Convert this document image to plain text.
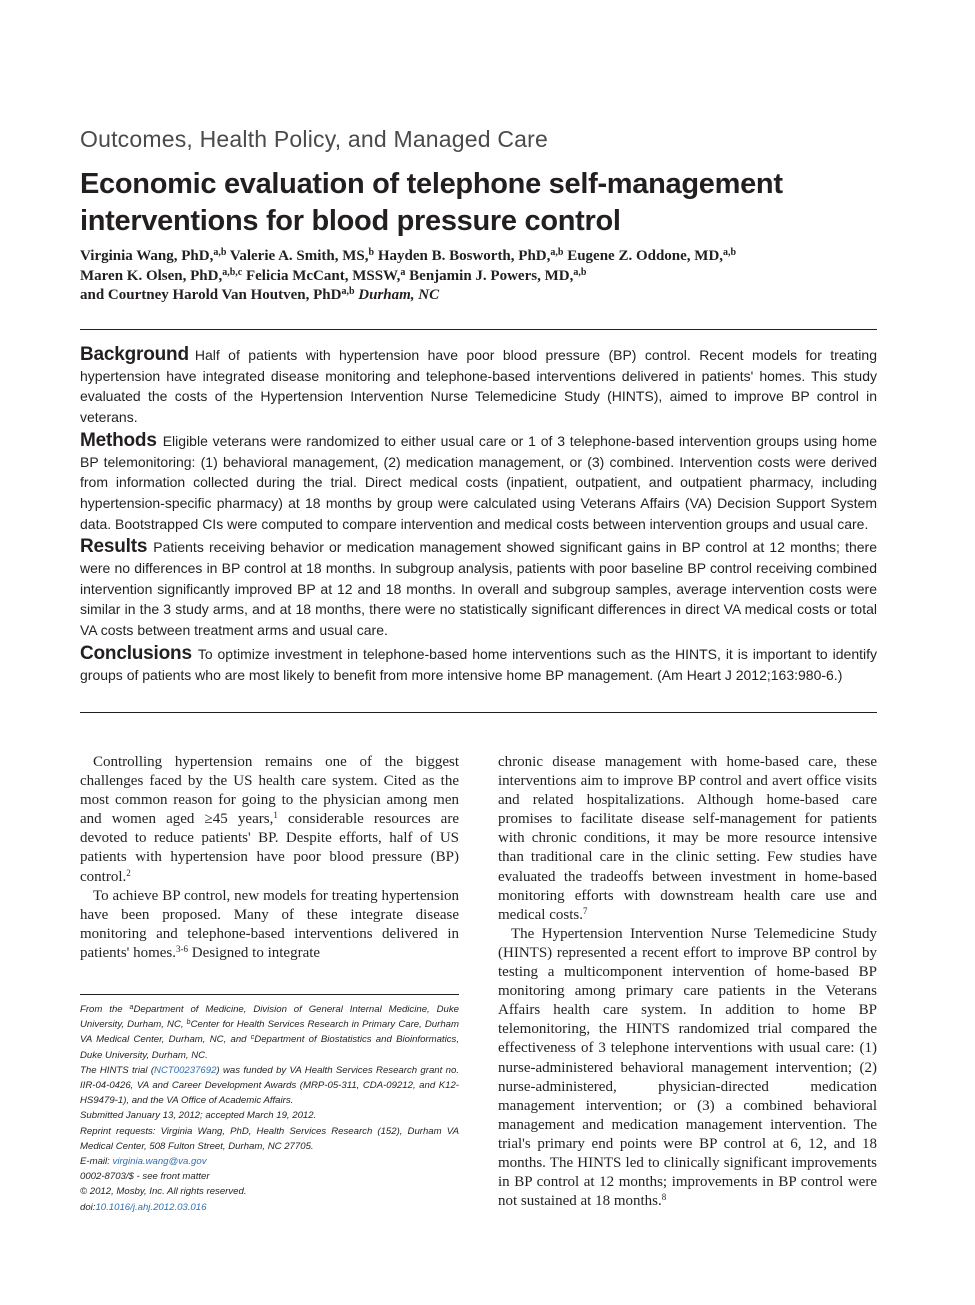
Outcomes, Health Policy, and Managed Care
Economic evaluation of telephone self-management
interventions for blood pressure control
Virginia Wang, PhD,$^{a,b}$ Valerie A. Smith, MS,$^b$ Hayden B. Bosworth, PhD,$^{a,b}$ Eugene Z. Oddone, MD,$^{a,b}$
Maren K. Olsen, PhD,$^{a,b,c}$ Felicia McCant, MSSW,$^a$ Benjamin J. Powers, MD,$^{a,b}$
and Courtney Harold Van Houtven, PhD$^{a,b}$ Durham, NC

Background Half of patients with hypertension have poor blood pressure (BP) control. Recent models for treating hypertension have integrated disease monitoring and telephone-based interventions delivered in patients' homes. This study evaluated the costs of the Hypertension Intervention Nurse Telemedicine Study (HINTS), aimed to improve BP control in veterans.

Methods Eligible veterans were randomized to either usual care or 1 of 3 telephone-based intervention groups using home BP telemonitoring: (1) behavioral management, (2) medication management, or (3) combined. Intervention costs were derived from information collected during the trial. Direct medical costs (inpatient, outpatient, and outpatient pharmacy, including hypertension-specific pharmacy) at 18 months by group were calculated using Veterans Affairs (VA) Decision Support System data. Bootstrapped CIs were computed to compare intervention and medical costs between intervention groups and usual care.

Results Patients receiving behavior or medication management showed significant gains in BP control at 12 months; there were no differences in BP control at 18 months. In subgroup analysis, patients with poor baseline BP control receiving combined intervention significantly improved BP at 12 and 18 months. In overall and subgroup samples, average intervention costs were similar in the 3 study arms, and at 18 months, there were no statistically significant differences in direct VA medical costs or total VA costs between treatment arms and usual care.

Conclusions To optimize investment in telephone-based home interventions such as the HINTS, it is important to identify groups of patients who are most likely to benefit from more intensive home BP management. (Am Heart J 2012;163:980-6.)

Controlling hypertension remains one of the biggest challenges faced by the US health care system. Cited as the most common reason for going to the physician among men and women aged ≥45 years,$^1$ considerable resources are devoted to reduce patients' BP. Despite efforts, half of US patients with hypertension have poor blood pressure (BP) control.$^2$

To achieve BP control, new models for treating hypertension have been proposed. Many of these integrate disease monitoring and telephone-based interventions delivered in patients' homes.$^{3-6}$ Designed to integrate

From the $^a$Department of Medicine, Division of General Internal Medicine, Duke University, Durham, NC, $^b$Center for Health Services Research in Primary Care, Durham VA Medical Center, Durham, NC, and $^c$Department of Biostatistics and Bioinformatics, Duke University, Durham, NC.

The HINTS trial (NCT00237692) was funded by VA Health Services Research grant no. IIR-04-0426, VA and Career Development Awards (MRP-05-311, CDA-09212, and K12-HS9479-1), and the VA Office of Academic Affairs.

Submitted January 13, 2012; accepted March 19, 2012.

Reprint requests: Virginia Wang, PhD, Health Services Research (152), Durham VA Medical Center, 508 Fulton Street, Durham, NC 27705.

E-mail: virginia.wang@va.gov

0002-8703/$ - see front matter

© 2012, Mosby, Inc. All rights reserved.

doi:10.1016/j.ahj.2012.03.016

chronic disease management with home-based care, these interventions aim to improve BP control and avert office visits and related hospitalizations. Although home-based care promises to facilitate disease self-management for patients with chronic conditions, it may be more resource intensive than traditional care in the clinic setting. Few studies have evaluated the tradeoffs between investment in home-based monitoring efforts with downstream health care use and medical costs.$^7$

The Hypertension Intervention Nurse Telemedicine Study (HINTS) represented a recent effort to improve BP control by testing a multicomponent intervention of home-based BP monitoring among primary care patients in the Veterans Affairs health care system. In addition to home BP telemonitoring, the HINTS randomized trial compared the effectiveness of 3 telephone interventions with usual care: (1) nurse-administered behavioral management intervention; (2) nurse-administered, physician-directed medication management intervention; or (3) a combined behavioral management and medication management intervention. The trial's primary end points were BP control at 6, 12, and 18 months. The HINTS led to clinically significant improvements in BP control at 12 months; improvements in BP control were not sustained at 18 months.$^8$
